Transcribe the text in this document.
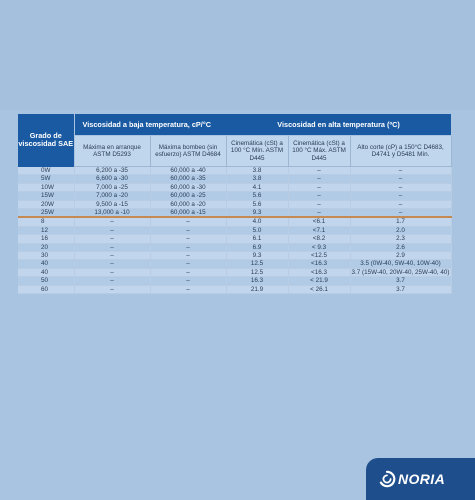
Grado de viscosidad SAE	Viscosidad a baja temperatura, cP/°C		Viscosidad en alta temperatura (ºC)		
	Máxima en arranque ASTM D5293	Máxima bombeo (sin esfuerzo) ASTM D4684	Cinemática (cSt) a 100 °C Mín. ASTM D445	Cinemática (cSt) a 100 °C Máx. ASTM D445	Alto corte (cP) a 150°C D4683, D4741 y D5481 Mín.
0W	6,200 a -35	60,000 a -40	3.8	–	–
5W	6,600 a -30	60,000 a -35	3.8	–	–
10W	7,000 a -25	60,000 a -30	4.1	–	–
15W	7,000 a -20	60,000 a -25	5.6	–	–
20W	9,500 a -15	60,000 a -20	5.6	–	–
25W	13,000 a -10	60,000 a -15	9.3	–	–
8	–	–	4.0	<6.1	1.7
12	–	–	5.0	<7.1	2.0
16	–	–	6.1	<8.2	2.3
20	–	–	6.9	< 9.3	2.6
30	–	–	9.3	<12.5	2.9
40	–	–	12.5	<16.3	3.5 (0W-40, 5W-40, 10W-40)
40	–	–	12.5	<16.3	3.7 (15W-40, 20W-40, 25W-40, 40)
50	–	–	16.3	< 21.9	3.7
60	–	–	21.9	< 26.1	3.7
NORIA
